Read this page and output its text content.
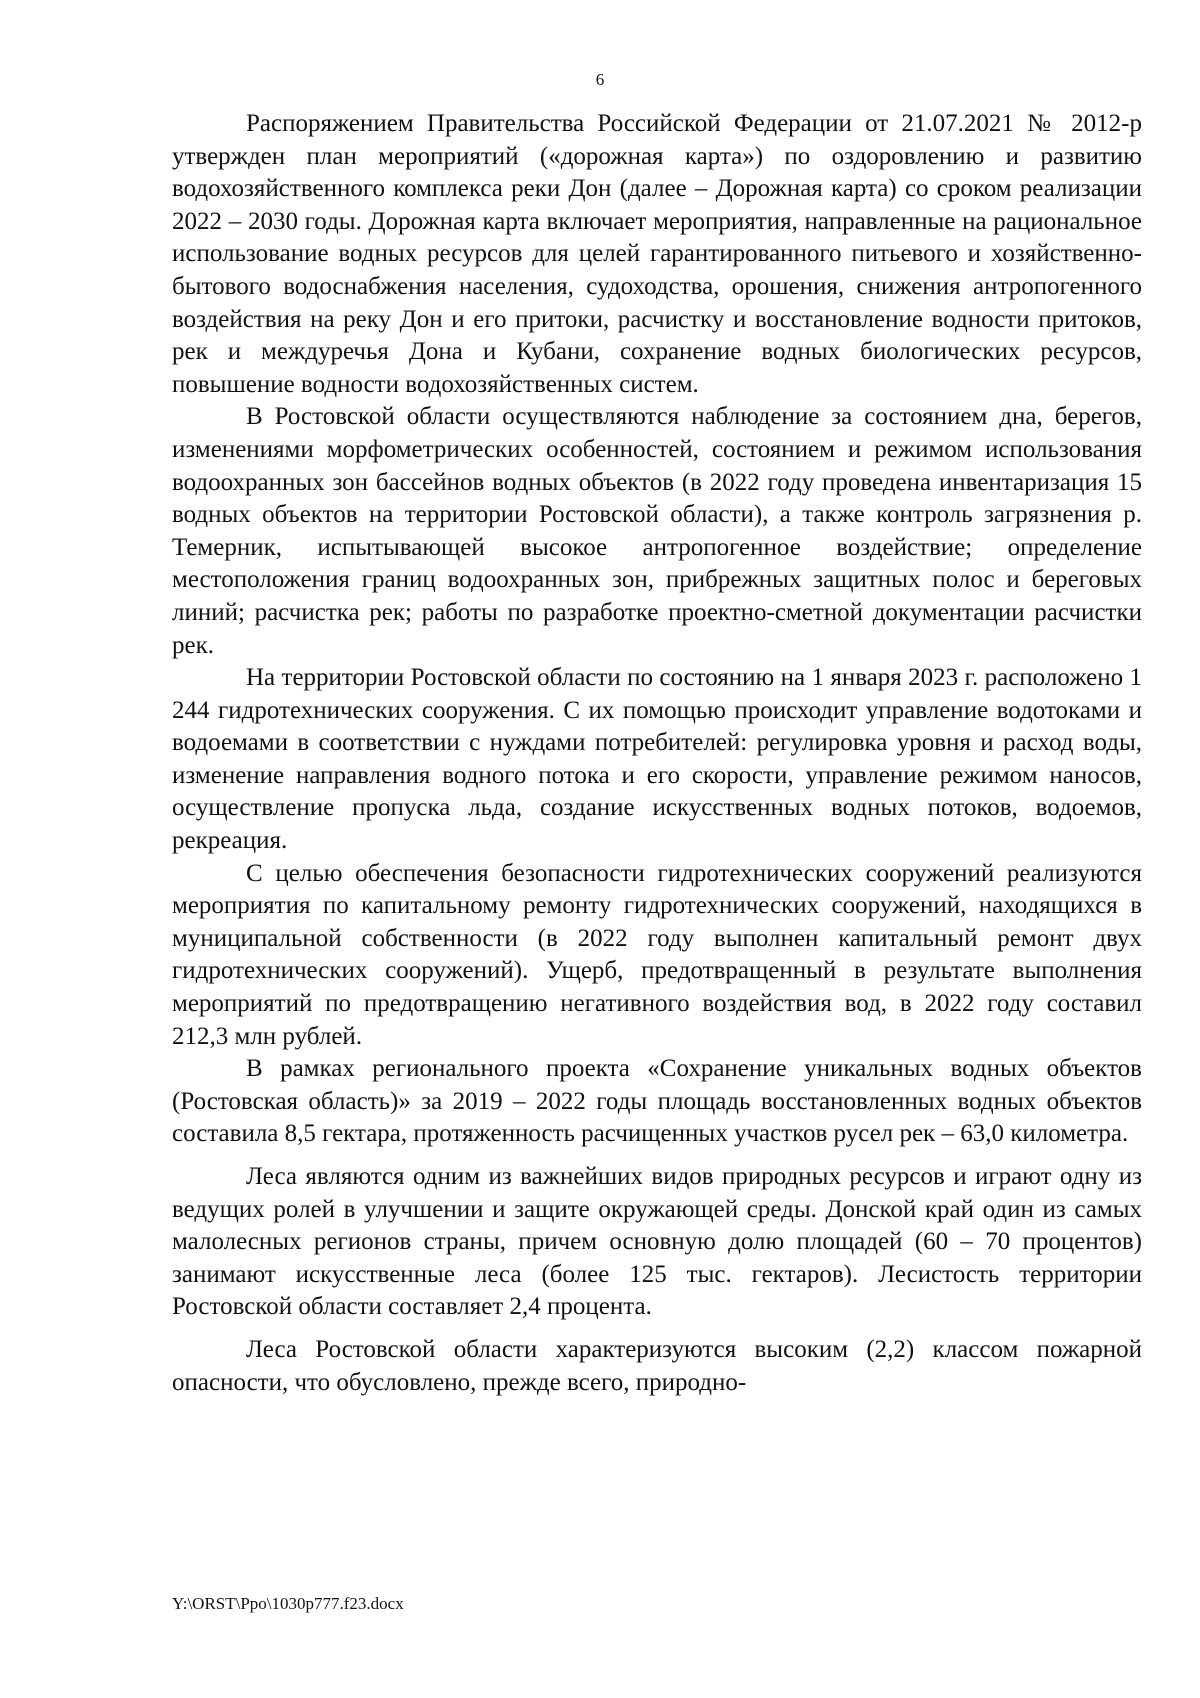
6

Распоряжением Правительства Российской Федерации от 21.07.2021 № 2012-р утвержден план мероприятий («дорожная карта») по оздоровлению и развитию водохозяйственного комплекса реки Дон (далее – Дорожная карта) со сроком реализации 2022 – 2030 годы. Дорожная карта включает мероприятия, направленные на рациональное использование водных ресурсов для целей гарантированного питьевого и хозяйственно-бытового водоснабжения населения, судоходства, орошения, снижения антропогенного воздействия на реку Дон и его притоки, расчистку и восстановление водности притоков, рек и междуречья Дона и Кубани, сохранение водных биологических ресурсов, повышение водности водохозяйственных систем.

В Ростовской области осуществляются наблюдение за состоянием дна, берегов, изменениями морфометрических особенностей, состоянием и режимом использования водоохранных зон бассейнов водных объектов (в 2022 году проведена инвентаризация 15 водных объектов на территории Ростовской области), а также контроль загрязнения р. Темерник, испытывающей высокое антропогенное воздействие; определение местоположения границ водоохранных зон, прибрежных защитных полос и береговых линий; расчистка рек; работы по разработке проектно-сметной документации расчистки рек.

На территории Ростовской области по состоянию на 1 января 2023 г. расположено 1 244 гидротехнических сооружения. С их помощью происходит управление водотоками и водоемами в соответствии с нуждами потребителей: регулировка уровня и расход воды, изменение направления водного потока и его скорости, управление режимом наносов, осуществление пропуска льда, создание искусственных водных потоков, водоемов, рекреация.

С целью обеспечения безопасности гидротехнических сооружений реализуются мероприятия по капитальному ремонту гидротехнических сооружений, находящихся в муниципальной собственности (в 2022 году выполнен капитальный ремонт двух гидротехнических сооружений). Ущерб, предотвращенный в результате выполнения мероприятий по предотвращению негативного воздействия вод, в 2022 году составил 212,3 млн рублей.

В рамках регионального проекта «Сохранение уникальных водных объектов (Ростовская область)» за 2019 – 2022 годы площадь восстановленных водных объектов составила 8,5 гектара, протяженность расчищенных участков русел рек – 63,0 километра.

Леса являются одним из важнейших видов природных ресурсов и играют одну из ведущих ролей в улучшении и защите окружающей среды. Донской край один из самых малолесных регионов страны, причем основную долю площадей (60 – 70 процентов) занимают искусственные леса (более 125 тыс. гектаров). Лесистость территории Ростовской области составляет 2,4 процента.

Леса Ростовской области характеризуются высоким (2,2) классом пожарной опасности, что обусловлено, прежде всего, природно-

Y:\ORST\Ppo\1030p777.f23.docx
